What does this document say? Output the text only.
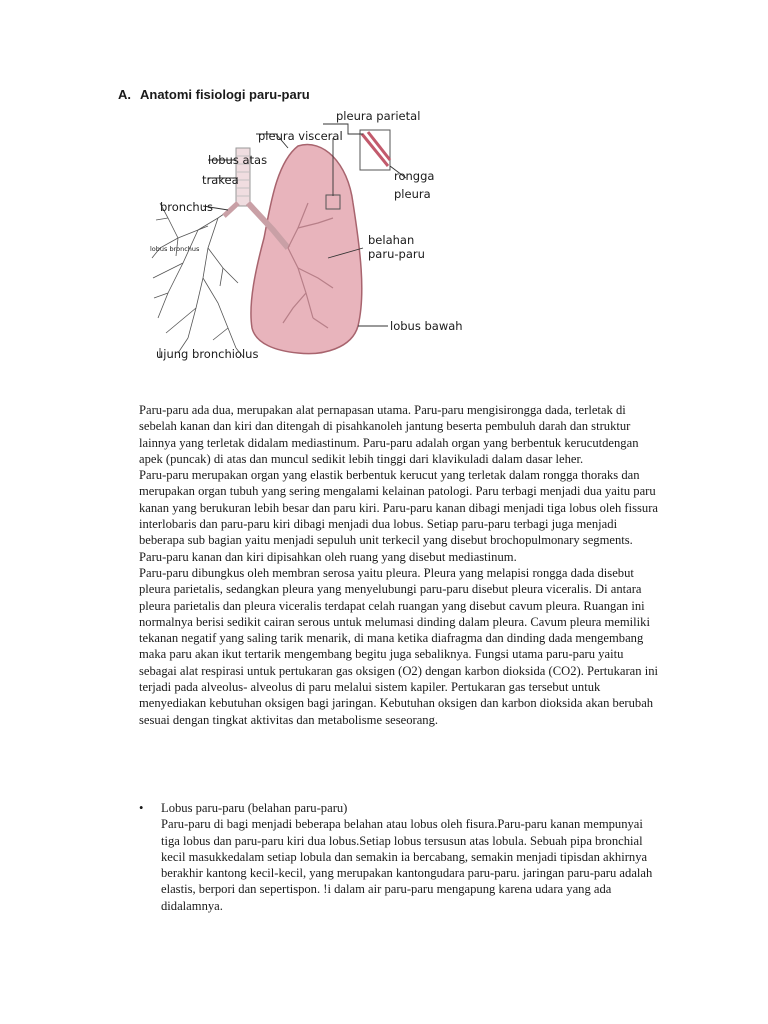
A. Anatomi fisiologi paru-paru
pleura parietal
pleura visceral
lobus atas
trakea
bronchus
lobus bronchus
rongga
pleura
belahan
paru-paru
lobus bawah
ujung bronchiolus

Paru-paru ada dua, merupakan alat pernapasan utama. Paru-paru mengisirongga dada, terletak di sebelah kanan dan kiri dan ditengah di pisahkanoleh jantung beserta pembuluh darah dan struktur lainnya yang terletak didalam mediastinum. Paru-paru adalah organ yang berbentuk kerucutdengan apek (puncak) di atas dan muncul sedikit lebih tinggi dari klavikuladi dalam dasar leher.

Paru-paru merupakan organ yang elastik berbentuk kerucut yang terletak dalam rongga thoraks dan merupakan organ tubuh yang sering mengalami kelainan patologi. Paru terbagi menjadi dua yaitu paru kanan yang berukuran lebih besar dan paru kiri. Paru-paru kanan dibagi menjadi tiga lobus oleh fissura interlobaris dan paru-paru kiri dibagi menjadi dua lobus. Setiap paru-paru terbagi juga menjadi beberapa sub bagian yaitu menjadi sepuluh unit terkecil yang disebut brochopulmonary segments. Paru-paru kanan dan kiri dipisahkan oleh ruang yang disebut mediastinum.

Paru-paru dibungkus oleh membran serosa yaitu pleura. Pleura yang melapisi rongga dada disebut pleura parietalis, sedangkan pleura yang menyelubungi paru-paru disebut pleura viceralis. Di antara pleura parietalis dan pleura viceralis terdapat celah ruangan yang disebut cavum pleura. Ruangan ini normalnya berisi sedikit cairan serous untuk melumasi dinding dalam pleura. Cavum pleura memiliki tekanan negatif yang saling tarik menarik, di mana ketika diafragma dan dinding dada mengembang maka paru akan ikut tertarik mengembang begitu juga sebaliknya. Fungsi utama paru-paru yaitu sebagai alat respirasi untuk pertukaran gas oksigen (O2) dengan karbon dioksida (CO2). Pertukaran ini terjadi pada alveolus- alveolus di paru melalui sistem kapiler. Pertukaran gas tersebut untuk menyediakan kebutuhan oksigen bagi jaringan. Kebutuhan oksigen dan karbon dioksida akan berubah sesuai dengan tingkat aktivitas dan metabolisme seseorang.

•	Lobus paru-paru (belahan paru-paru)

Paru-paru di bagi menjadi beberapa belahan atau lobus oleh fisura.Paru-paru kanan mempunyai tiga lobus dan paru-paru kiri dua lobus.Setiap lobus tersusun atas lobula. Sebuah pipa bronchial kecil masukkedalam setiap lobula dan semakin ia bercabang, semakin menjadi tipisdan akhirnya berakhir kantong kecil-kecil, yang merupakan kantongudara paru-paru. jaringan paru-paru adalah elastis, berpori dan sepertispon. !i dalam air paru-paru mengapung karena udara yang ada didalamnya.
